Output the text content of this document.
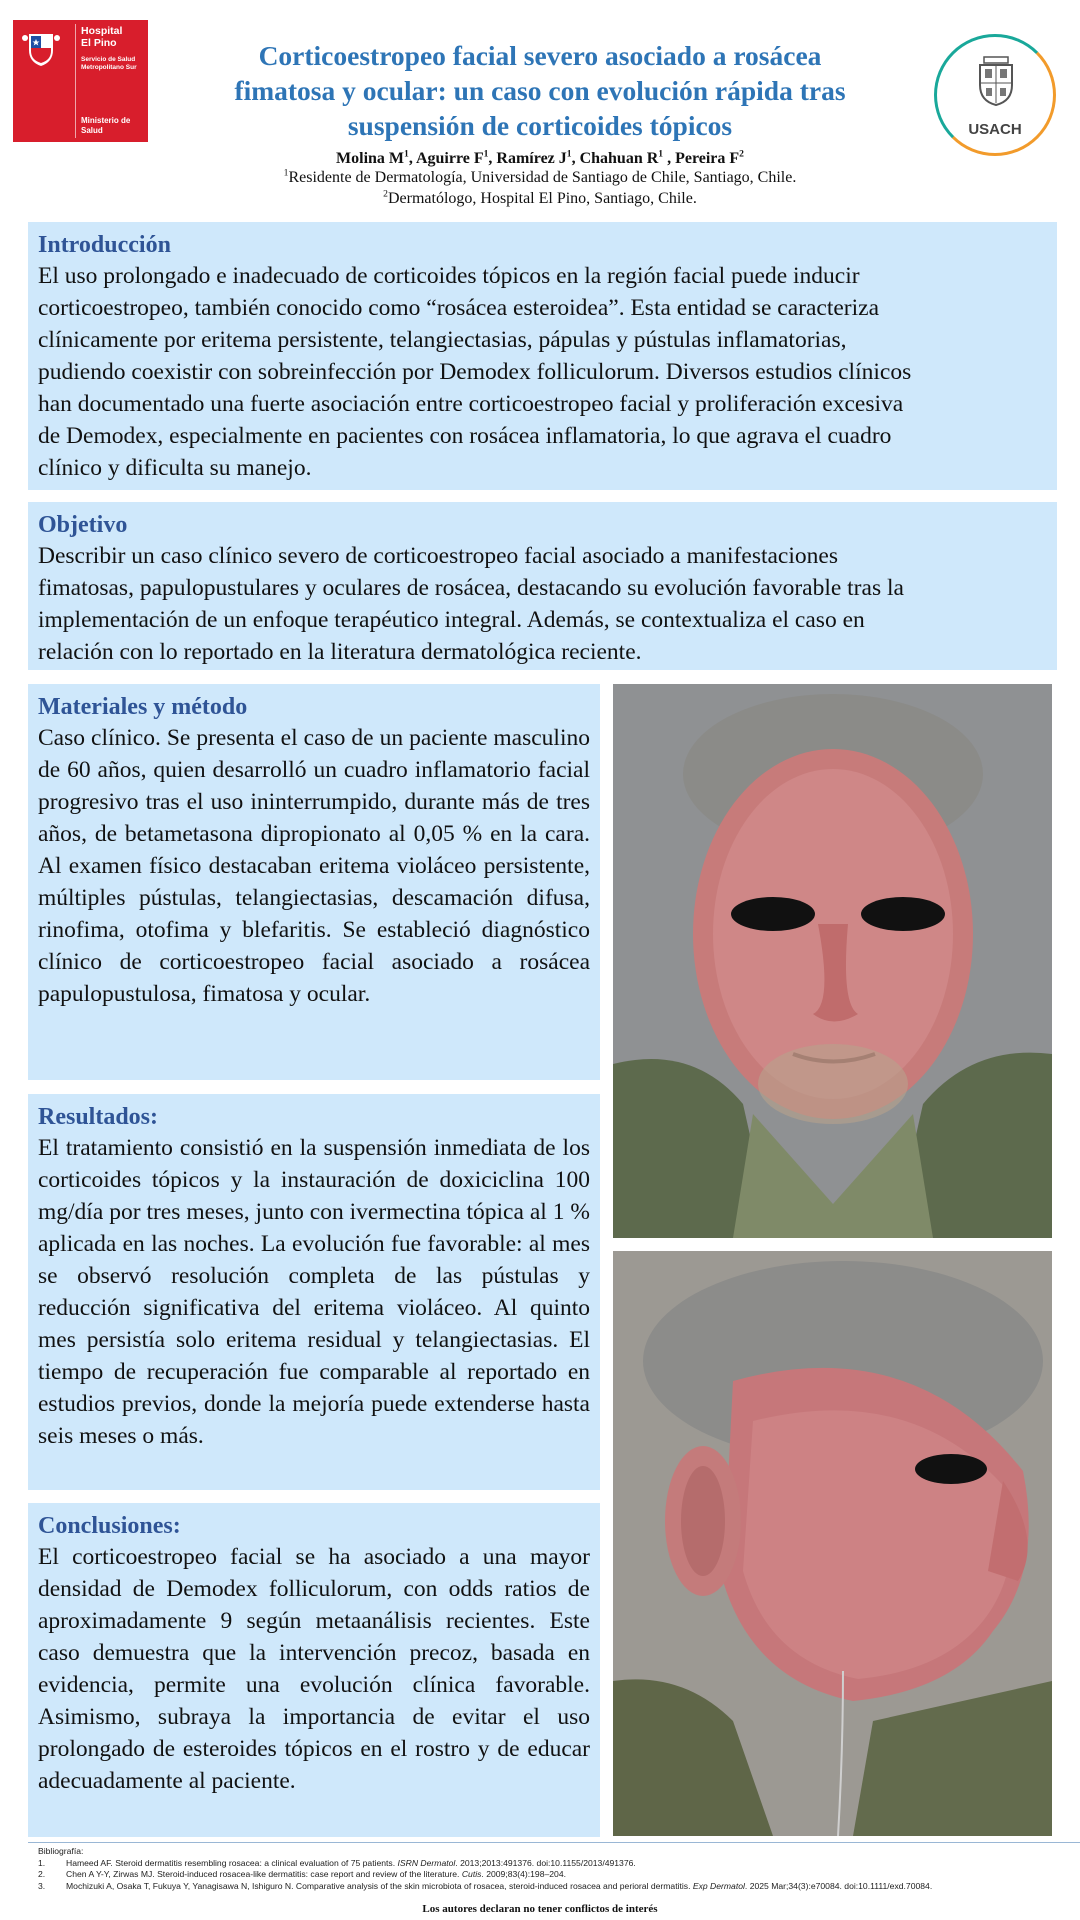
Hospital
El Pino
Servicio de Salud
Metropolitano Sur
Ministerio de
Salud
Corticoestropeo facial severo asociado a rosácea
fimatosa y ocular: un caso con evolución rápida tras
suspensión de corticoides tópicos
Molina $M^1$, Aguirre $F^1$, Ramírez $J^1$, Chahuan $R^1$ , Pereira $F^2$
$^1$Residente de Dermatología, Universidad de Santiago de Chile, Santiago, Chile.
$^2$Dermatólogo, Hospital El Pino, Santiago, Chile.
USACH
Introducción

El uso prolongado e inadecuado de corticoides tópicos en la región facial puede inducir
corticoestropeo, también conocido como “rosácea esteroidea”. Esta entidad se caracteriza
clínicamente por eritema persistente, telangiectasias, pápulas y pústulas inflamatorias,
pudiendo coexistir con sobreinfección por Demodex folliculorum. Diversos estudios clínicos
han documentado una fuerte asociación entre corticoestropeo facial y proliferación excesiva
de Demodex, especialmente en pacientes con rosácea inflamatoria, lo que agrava el cuadro
clínico y dificulta su manejo.

Objetivo

Describir un caso clínico severo de corticoestropeo facial asociado a manifestaciones
fimatosas, papulopustulares y oculares de rosácea, destacando su evolución favorable tras la
implementación de un enfoque terapéutico integral. Además, se contextualiza el caso en
relación con lo reportado en la literatura dermatológica reciente.

Materiales y método

Caso clínico. Se presenta el caso de un paciente masculino de 60 años, quien desarrolló un cuadro inflamatorio facial progresivo tras el uso ininterrumpido, durante más de tres años, de betametasona dipropionato al 0,05 % en la cara. Al examen físico destacaban eritema violáceo persistente, múltiples pústulas, telangiectasias, descamación difusa, rinofima, otofima y blefaritis. Se estableció diagnóstico clínico de corticoestropeo facial asociado a rosácea papulopustulosa, fimatosa y ocular.

Resultados:

El tratamiento consistió en la suspensión inmediata de los corticoides tópicos y la instauración de doxiciclina 100 mg/día por tres meses, junto con ivermectina tópica al 1 % aplicada en las noches. La evolución fue favorable: al mes se observó resolución completa de las pústulas y reducción significativa del eritema violáceo. Al quinto mes persistía solo eritema residual y telangiectasias. El tiempo de recuperación fue comparable al reportado en estudios previos, donde la mejoría puede extenderse hasta seis meses o más.

Conclusiones:

El corticoestropeo facial se ha asociado a una mayor densidad de Demodex folliculorum, con odds ratios de aproximadamente 9 según metaanálisis recientes. Este caso demuestra que la intervención precoz, basada en evidencia, permite una evolución clínica favorable. Asimismo, subraya la importancia de evitar el uso prolongado de esteroides tópicos en el rostro y de educar adecuadamente al paciente.

Bibliografía:
1.	Hameed AF. Steroid dermatitis resembling rosacea: a clinical evaluation of 75 patients. ISRN Dermatol. 2013;2013:491376. doi:10.1155/2013/491376.
2.	Chen A Y-Y, Zirwas MJ. Steroid-induced rosacea-like dermatitis: case report and review of the literature. Cutis. 2009;83(4):198–204.
3.	Mochizuki A, Osaka T, Fukuya Y, Yanagisawa N, Ishiguro N. Comparative analysis of the skin microbiota of rosacea, steroid-induced rosacea and perioral dermatitis. Exp Dermatol. 2025 Mar;34(3):e70084. doi:10.1111/exd.70084.
Los autores declaran no tener conflictos de interés
